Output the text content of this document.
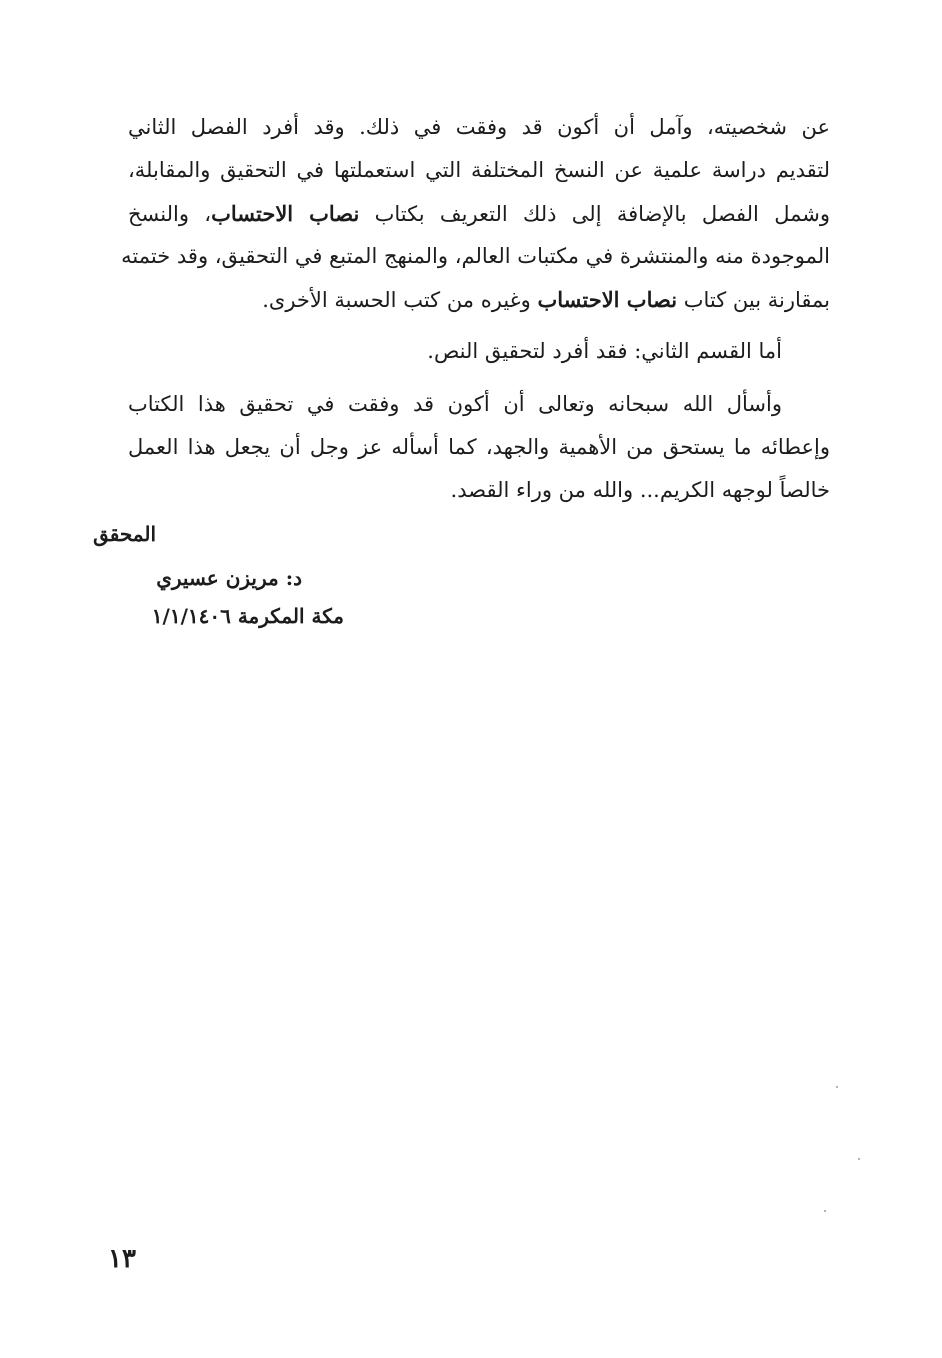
عن شخصيته، وآمل أن أكون قد وفقت في ذلك. وقد أفرد الفصل الثاني
لتقديم دراسة علمية عن النسخ المختلفة التي استعملتها في التحقيق والمقابلة،
وشمل الفصل بالإضافة إلى ذلك التعريف بكتاب نصاب الاحتساب، والنسخ
الموجودة منه والمنتشرة في مكتبات العالم، والمنهج المتبع في التحقيق، وقد ختمته
بمقارنة بين كتاب نصاب الاحتساب وغيره من كتب الحسبة الأخرى.
أما القسم الثاني: فقد أفرد لتحقيق النص.
وأسأل الله سبحانه وتعالى أن أكون قد وفقت في تحقيق هذا الكتاب
وإعطائه ما يستحق من الأهمية والجهد، كما أسأله عز وجل أن يجعل هذا العمل
خالصاً لوجهه الكريم... والله من وراء القصد.
المحقق
د: مريزن عسيري
مكة المكرمة ١/١/١٤٠٦
١٣
